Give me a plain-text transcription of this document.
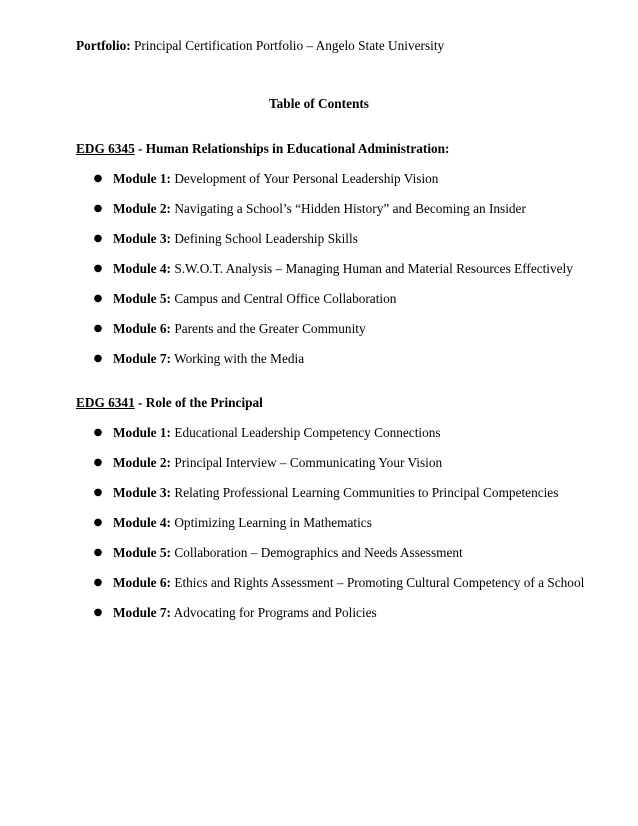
Portfolio: Principal Certification Portfolio – Angelo State University
Table of Contents
EDG 6345 - Human Relationships in Educational Administration:
● Module 1: Development of Your Personal Leadership Vision
● Module 2: Navigating a School’s “Hidden History” and Becoming an Insider
● Module 3: Defining School Leadership Skills
● Module 4: S.W.O.T. Analysis – Managing Human and Material Resources Effectively
● Module 5: Campus and Central Office Collaboration
● Module 6: Parents and the Greater Community
● Module 7: Working with the Media
EDG 6341 - Role of the Principal
● Module 1: Educational Leadership Competency Connections
● Module 2: Principal Interview – Communicating Your Vision
● Module 3: Relating Professional Learning Communities to Principal Competencies
● Module 4: Optimizing Learning in Mathematics
● Module 5: Collaboration – Demographics and Needs Assessment
● Module 6: Ethics and Rights Assessment – Promoting Cultural Competency of a School
● Module 7: Advocating for Programs and Policies
